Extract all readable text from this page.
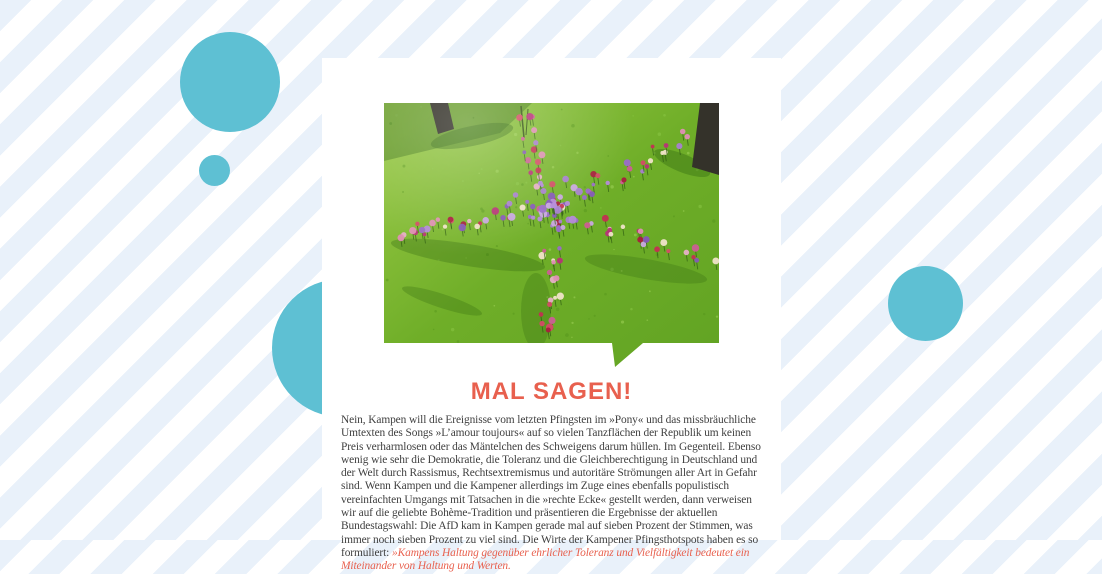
MAL SAGEN!

Nein, Kampen will die Ereignisse vom letzten Pfingsten im »Pony« und das missbräuchliche Umtexten des Songs »L’amour toujours« auf so vielen Tanzflächen der Republik um keinen Preis verharmlosen oder das Mäntelchen des Schweigens darum hüllen. Im Gegenteil. Ebenso wenig wie sehr die Demokratie, die Toleranz und die Gleichberechtigung in Deutschland und der Welt durch Rassismus, Rechtsextremismus und autoritäre Strömungen aller Art in Gefahr sind. Wenn Kampen und die Kampener allerdings im Zuge eines ebenfalls populistisch vereinfachten Umgangs mit Tatsachen in die »rechte Ecke« gestellt werden, dann verweisen wir auf die geliebte Bohème-Tradition und präsentieren die Ergebnisse der aktuellen Bundestagswahl: Die AfD kam in Kampen gerade mal auf sieben Prozent der Stimmen, was immer noch sieben Prozent zu viel sind. Die Wirte der Kampener Pfingsthotspots haben es so formuliert: »Kampens Haltung gegenüber ehrlicher Toleranz und Vielfältigkeit bedeutet ein Miteinander von Haltung und Werten.
